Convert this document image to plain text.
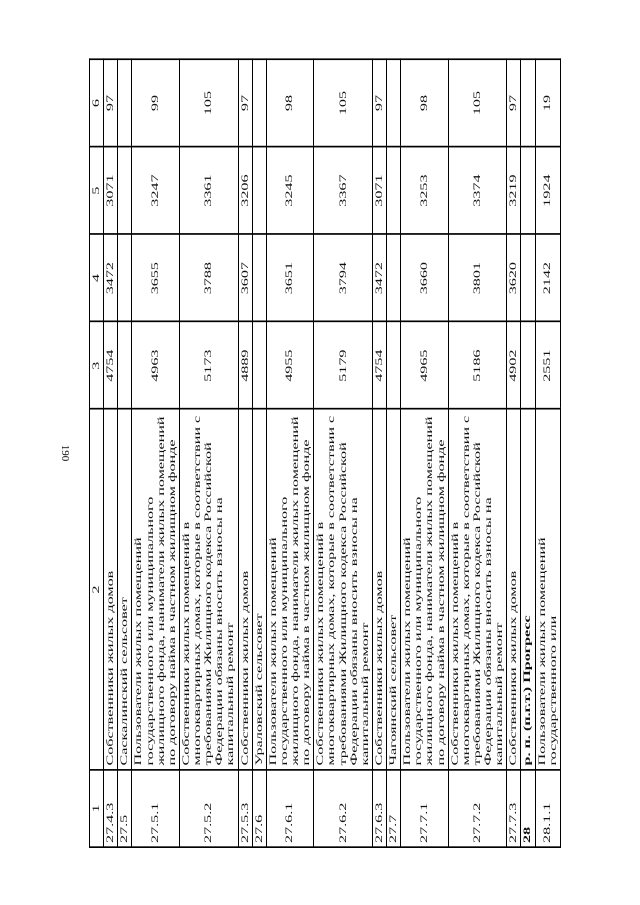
190
1	2	3	4	5	6
27.4.3	Собственники жилых домов	4754	3472	3071	97
27.5	Саскалинский сельсовет				
27.5.1	Пользователи жилых помещений государственного или муниципального жилищного фонда, наниматели жилых помещений по договору найма в частном жилищном фонде	4963	3655	3247	99
27.5.2	Собственники жилых помещений в многоквартирных домах, которые в соответствии с требованиями Жилищного кодекса Российской Федерации обязаны вносить взносы на капитальный ремонт	5173	3788	3361	105
27.5.3	Собственники жилых домов	4889	3607	3206	97
27.6	Ураловский сельсовет				
27.6.1	Пользователи жилых помещений государственного или муниципального жилищного фонда, наниматели жилых помещений по договору найма в частном жилищном фонде	4955	3651	3245	98
27.6.2	Собственники жилых помещений в многоквартирных домах, которые в соответствии с требованиями Жилищного кодекса Российской Федерации обязаны вносить взносы на капитальный ремонт	5179	3794	3367	105
27.6.3	Собственники жилых домов	4754	3472	3071	97
27.7	Чагоянский сельсовет				
27.7.1	Пользователи жилых помещений государственного или муниципального жилищного фонда, наниматели жилых помещений по договору найма в частном жилищном фонде	4965	3660	3253	98
27.7.2	Собственники жилых помещений в многоквартирных домах, которые в соответствии с требованиями Жилищного кодекса Российской Федерации обязаны вносить взносы на капитальный ремонт	5186	3801	3374	105
27.7.3	Собственники жилых домов	4902	3620	3219	97
28	р. п. (п.г.т.) Прогресс				
28.1.1	Пользователи жилых помещений государственного или	2551	2142	1924	19
